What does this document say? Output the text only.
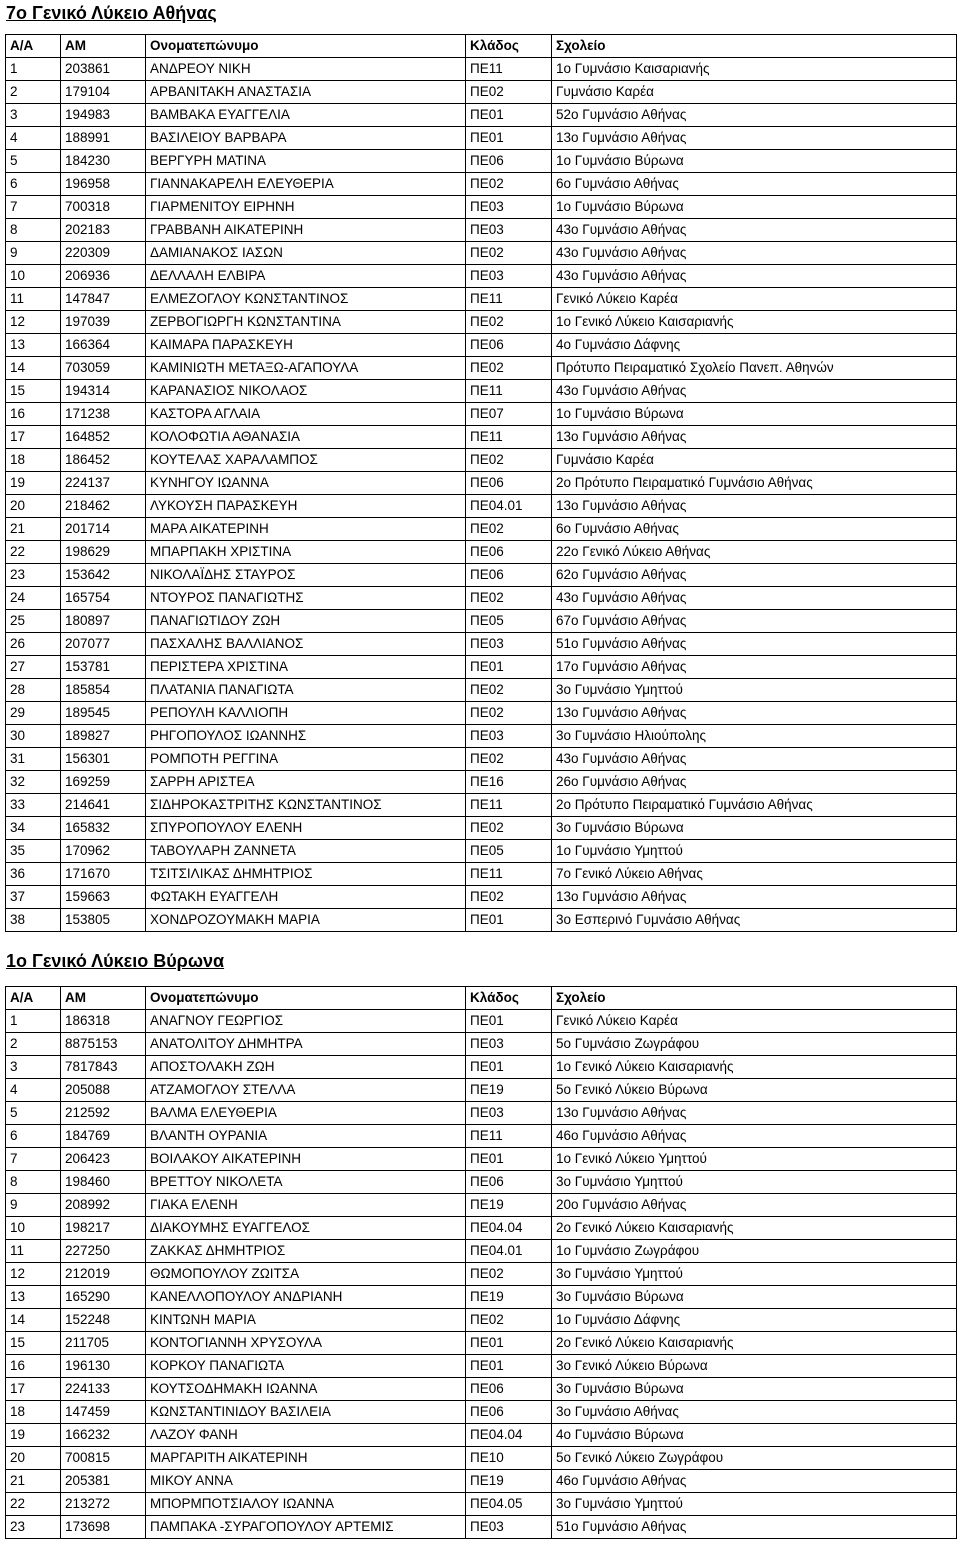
7ο Γενικό Λύκειο Αθήνας
Α/Α	ΑΜ	Ονοματεπώνυμο	Κλάδος	Σχολείο
1	203861	ΑΝΔΡΕΟΥ ΝΙΚΗ	ΠΕ11	1ο Γυμνάσιο Καισαριανής
2	179104	ΑΡΒΑΝΙΤΑΚΗ ΑΝΑΣΤΑΣΙΑ	ΠΕ02	Γυμνάσιο Καρέα
3	194983	ΒΑΜΒΑΚΑ ΕΥΑΓΓΕΛΙΑ	ΠΕ01	52ο Γυμνάσιο Αθήνας
4	188991	ΒΑΣΙΛΕΙΟΥ ΒΑΡΒΑΡΑ	ΠΕ01	13ο Γυμνάσιο Αθήνας
5	184230	ΒΕΡΓΥΡΗ ΜΑΤΙΝΑ	ΠΕ06	1ο Γυμνάσιο Βύρωνα
6	196958	ΓΙΑΝΝΑΚΑΡΕΛΗ ΕΛΕΥΘΕΡΙΑ	ΠΕ02	6ο Γυμνάσιο Αθήνας
7	700318	ΓΙΑΡΜΕΝΙΤΟΥ ΕΙΡΗΝΗ	ΠΕ03	1ο Γυμνάσιο Βύρωνα
8	202183	ΓΡΑΒΒΑΝΗ ΑΙΚΑΤΕΡΙΝΗ	ΠΕ03	43ο Γυμνάσιο Αθήνας
9	220309	ΔΑΜΙΑΝΑΚΟΣ ΙΑΣΩΝ	ΠΕ02	43ο Γυμνάσιο Αθήνας
10	206936	ΔΕΛΛΑΛΗ ΕΛΒΙΡΑ	ΠΕ03	43ο Γυμνάσιο Αθήνας
11	147847	ΕΛΜΕΖΟΓΛΟΥ ΚΩΝΣΤΑΝΤΙΝΟΣ	ΠΕ11	Γενικό Λύκειο Καρέα
12	197039	ΖΕΡΒΟΓΙΩΡΓΗ ΚΩΝΣΤΑΝΤΙΝΑ	ΠΕ02	1ο Γενικό Λύκειο Καισαριανής
13	166364	ΚΑΙΜΑΡΑ ΠΑΡΑΣΚΕΥΗ	ΠΕ06	4ο Γυμνάσιο Δάφνης
14	703059	ΚΑΜΙΝΙΩΤΗ ΜΕΤΑΞΩ-ΑΓΑΠΟΥΛΑ	ΠΕ02	Πρότυπο Πειραματικό Σχολείο Πανεπ. Αθηνών
15	194314	ΚΑΡΑΝΑΣΙΟΣ ΝΙΚΟΛΑΟΣ	ΠΕ11	43ο Γυμνάσιο Αθήνας
16	171238	ΚΑΣΤΟΡΑ ΑΓΛΑΙΑ	ΠΕ07	1ο Γυμνάσιο Βύρωνα
17	164852	ΚΟΛΟΦΩΤΙΑ ΑΘΑΝΑΣΙΑ	ΠΕ11	13ο Γυμνάσιο Αθήνας
18	186452	ΚΟΥΤΕΛΑΣ ΧΑΡΑΛΑΜΠΟΣ	ΠΕ02	Γυμνάσιο Καρέα
19	224137	ΚΥΝΗΓΟΥ ΙΩΑΝΝΑ	ΠΕ06	2ο Πρότυπο Πειραματικό Γυμνάσιο Αθήνας
20	218462	ΛΥΚΟΥΣΗ ΠΑΡΑΣΚΕΥΗ	ΠΕ04.01	13ο Γυμνάσιο Αθήνας
21	201714	ΜΑΡΑ ΑΙΚΑΤΕΡΙΝΗ	ΠΕ02	6ο Γυμνάσιο Αθήνας
22	198629	ΜΠΑΡΠΑΚΗ ΧΡΙΣΤΙΝΑ	ΠΕ06	22ο Γενικό Λύκειο Αθήνας
23	153642	ΝΙΚΟΛΑΪΔΗΣ ΣΤΑΥΡΟΣ	ΠΕ06	62ο Γυμνάσιο Αθήνας
24	165754	ΝΤΟΥΡΟΣ ΠΑΝΑΓΙΩΤΗΣ	ΠΕ02	43ο Γυμνάσιο Αθήνας
25	180897	ΠΑΝΑΓΙΩΤΙΔΟΥ ΖΩΗ	ΠΕ05	67ο Γυμνάσιο Αθήνας
26	207077	ΠΑΣΧΑΛΗΣ ΒΑΛΛΙΑΝΟΣ	ΠΕ03	51ο Γυμνάσιο Αθήνας
27	153781	ΠΕΡΙΣΤΕΡΑ ΧΡΙΣΤΙΝΑ	ΠΕ01	17ο Γυμνάσιο Αθήνας
28	185854	ΠΛΑΤΑΝΙΑ ΠΑΝΑΓΙΩΤΑ	ΠΕ02	3ο Γυμνάσιο Υμηττού
29	189545	ΡΕΠΟΥΛΗ ΚΑΛΛΙΟΠΗ	ΠΕ02	13ο Γυμνάσιο Αθήνας
30	189827	ΡΗΓΟΠΟΥΛΟΣ ΙΩΑΝΝΗΣ	ΠΕ03	3ο Γυμνάσιο Ηλιούπολης
31	156301	ΡΟΜΠΟΤΗ ΡΕΓΓΙΝΑ	ΠΕ02	43ο Γυμνάσιο Αθήνας
32	169259	ΣΑΡΡΗ ΑΡΙΣΤΕΑ	ΠΕ16	26ο Γυμνάσιο Αθήνας
33	214641	ΣΙΔΗΡΟΚΑΣΤΡΙΤΗΣ ΚΩΝΣΤΑΝΤΙΝΟΣ	ΠΕ11	2ο Πρότυπο Πειραματικό Γυμνάσιο Αθήνας
34	165832	ΣΠΥΡΟΠΟΥΛΟΥ ΕΛΕΝΗ	ΠΕ02	3ο Γυμνάσιο Βύρωνα
35	170962	ΤΑΒΟΥΛΑΡΗ ΖΑΝΝΕΤΑ	ΠΕ05	1ο Γυμνάσιο Υμηττού
36	171670	ΤΣΙΤΣΙΛΙΚΑΣ ΔΗΜΗΤΡΙΟΣ	ΠΕ11	7ο Γενικό Λύκειο Αθήνας
37	159663	ΦΩΤΑΚΗ ΕΥΑΓΓΕΛΗ	ΠΕ02	13ο Γυμνάσιο Αθήνας
38	153805	ΧΟΝΔΡΟΖΟΥΜΑΚΗ ΜΑΡΙΑ	ΠΕ01	3ο Εσπερινό Γυμνάσιο Αθήνας
1ο Γενικό Λύκειο Βύρωνα
Α/Α	ΑΜ	Ονοματεπώνυμο	Κλάδος	Σχολείο
1	186318	ΑΝΑΓΝΟΥ ΓΕΩΡΓΙΟΣ	ΠΕ01	Γενικό Λύκειο Καρέα
2	8875153	ΑΝΑΤΟΛΙΤΟΥ ΔΗΜΗΤΡΑ	ΠΕ03	5ο Γυμνάσιο Ζωγράφου
3	7817843	ΑΠΟΣΤΟΛΑΚΗ ΖΩΗ	ΠΕ01	1ο Γενικό Λύκειο Καισαριανής
4	205088	ΑΤΖΑΜΟΓΛΟΥ ΣΤΕΛΛΑ	ΠΕ19	5ο Γενικό Λύκειο Βύρωνα
5	212592	ΒΑΛΜΑ ΕΛΕΥΘΕΡΙΑ	ΠΕ03	13ο Γυμνάσιο Αθήνας
6	184769	ΒΛΑΝΤΗ ΟΥΡΑΝΙΑ	ΠΕ11	46ο Γυμνάσιο Αθήνας
7	206423	ΒΟΙΛΑΚΟΥ ΑΙΚΑΤΕΡΙΝΗ	ΠΕ01	1ο Γενικό Λύκειο Υμηττού
8	198460	ΒΡΕΤΤΟΥ ΝΙΚΟΛΕΤΑ	ΠΕ06	3ο Γυμνάσιο Υμηττού
9	208992	ΓΙΑΚΑ ΕΛΕΝΗ	ΠΕ19	20ο Γυμνάσιο Αθήνας
10	198217	ΔΙΑΚΟΥΜΗΣ ΕΥΑΓΓΕΛΟΣ	ΠΕ04.04	2ο Γενικό Λύκειο Καισαριανής
11	227250	ΖΑΚΚΑΣ ΔΗΜΗΤΡΙΟΣ	ΠΕ04.01	1ο Γυμνάσιο Ζωγράφου
12	212019	ΘΩΜΟΠΟΥΛΟΥ ΖΩΙΤΣΑ	ΠΕ02	3ο Γυμνάσιο Υμηττού
13	165290	ΚΑΝΕΛΛΟΠΟΥΛΟΥ ΑΝΔΡΙΑΝΗ	ΠΕ19	3ο Γυμνάσιο Βύρωνα
14	152248	ΚΙΝΤΩΝΗ ΜΑΡΙΑ	ΠΕ02	1ο Γυμνάσιο Δάφνης
15	211705	ΚΟΝΤΟΓΙΑΝΝΗ ΧΡΥΣΟΥΛΑ	ΠΕ01	2ο Γενικό Λύκειο Καισαριανής
16	196130	ΚΟΡΚΟΥ ΠΑΝΑΓΙΩΤΑ	ΠΕ01	3ο Γενικό Λύκειο Βύρωνα
17	224133	ΚΟΥΤΣΟΔΗΜΑΚΗ ΙΩΑΝΝΑ	ΠΕ06	3ο Γυμνάσιο Βύρωνα
18	147459	ΚΩΝΣΤΑΝΤΙΝΙΔΟΥ ΒΑΣΙΛΕΙΑ	ΠΕ06	3ο Γυμνάσιο Αθήνας
19	166232	ΛΑΖΟΥ ΦΑΝΗ	ΠΕ04.04	4ο Γυμνάσιο Βύρωνα
20	700815	ΜΑΡΓΑΡΙΤΗ ΑΙΚΑΤΕΡΙΝΗ	ΠΕ10	5ο Γενικό Λύκειο Ζωγράφου
21	205381	ΜΙΚΟΥ ΑΝΝΑ	ΠΕ19	46ο Γυμνάσιο Αθήνας
22	213272	ΜΠΟΡΜΠΟΤΣΙΑΛΟΥ ΙΩΑΝΝΑ	ΠΕ04.05	3ο Γυμνάσιο Υμηττού
23	173698	ΠΑΜΠΑΚΑ -ΣΥΡΑΓΟΠΟΥΛΟΥ ΑΡΤΕΜΙΣ	ΠΕ03	51ο Γυμνάσιο Αθήνας
